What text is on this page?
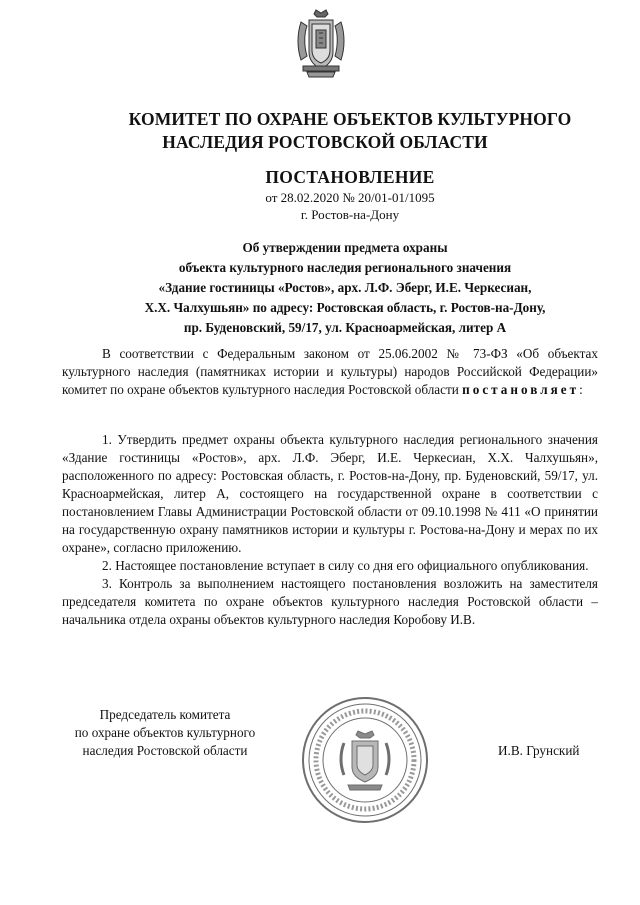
КОМИТЕТ ПО ОХРАНЕ ОБЪЕКТОВ КУЛЬТУРНОГО
НАСЛЕДИЯ РОСТОВСКОЙ ОБЛАСТИ
ПОСТАНОВЛЕНИЕ
от 28.02.2020 № 20/01-01/1095
г. Ростов-на-Дону
Об утверждении предмета охраны
объекта культурного наследия регионального значения
«Здание гостиницы «Ростов», арх. Л.Ф. Эберг, И.Е. Черкесиан,
Х.Х. Чалхушьян» по адресу: Ростовская область, г. Ростов-на-Дону,
пр. Буденовский, 59/17, ул. Красноармейская, литер А

В соответствии с Федеральным законом от 25.06.2002 № 73-ФЗ «Об объектах культурного наследия (памятниках истории и культуры) народов Российской Федерации» комитет по охране объектов культурного наследия Ростовской области постановляет:

1. Утвердить предмет охраны объекта культурного наследия регионального значения «Здание гостиницы «Ростов», арх. Л.Ф. Эберг, И.Е. Черкесиан, Х.Х. Чалхушьян», расположенного по адресу: Ростовская область, г. Ростов-на-Дону, пр. Буденовский, 59/17, ул. Красноармейская, литер А, состоящего на государственной охране в соответствии с постановлением Главы Администрации Ростовской области от 09.10.1998 № 411 «О принятии на государственную охрану памятников истории и культуры г. Ростова-на-Дону и мерах по их охране», согласно приложению.

2. Настоящее постановление вступает в силу со дня его официального опубликования.

3. Контроль за выполнением настоящего постановления возложить на заместителя председателя комитета по охране объектов культурного наследия Ростовской области – начальника отдела охраны объектов культурного наследия Коробову И.В.

Председатель комитета
по охране объектов культурного
наследия Ростовской области	И.В. Грунский
